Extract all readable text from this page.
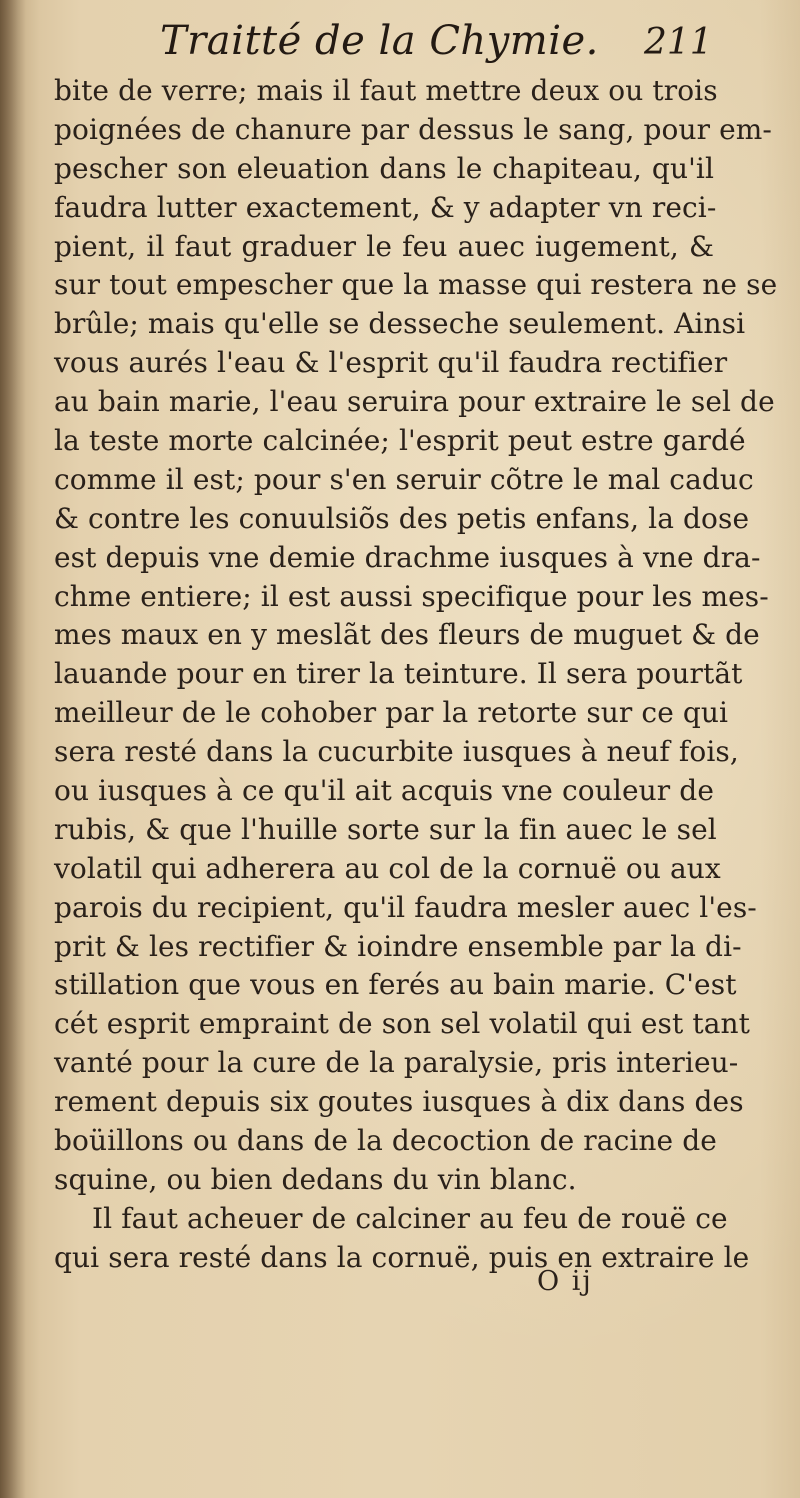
Traitté de la Chymie. 211
bite de verre; mais il faut mettre deux ou trois
poignées de chanure par dessus le sang, pour em-
pescher son eleuation dans le chapiteau, qu'il
faudra lutter exactement, & y adapter vn reci-
pient, il faut graduer le feu auec iugement, &
sur tout empescher que la masse qui restera ne se
brûle; mais qu'elle se desseche seulement. Ainsi
vous aurés l'eau & l'esprit qu'il faudra rectifier
au bain marie, l'eau seruira pour extraire le sel de
la teste morte calcinée; l'esprit peut estre gardé
comme il est; pour s'en seruir cõtre le mal caduc
& contre les conuulsiõs des petis enfans, la dose
est depuis vne demie drachme iusques à vne dra-
chme entiere; il est aussi specifique pour les mes-
mes maux en y meslãt des fleurs de muguet & de
lauande pour en tirer la teinture. Il sera pourtãt
meilleur de le cohober par la retorte sur ce qui
sera resté dans la cucurbite iusques à neuf fois,
ou iusques à ce qu'il ait acquis vne couleur de
rubis, & que l'huille sorte sur la fin auec le sel
volatil qui adherera au col de la cornuë ou aux
parois du recipient, qu'il faudra mesler auec l'es-
prit & les rectifier & ioindre ensemble par la di-
stillation que vous en ferés au bain marie. C'est
cét esprit empraint de son sel volatil qui est tant
vanté pour la cure de la paralysie, pris interieu-
rement depuis six goutes iusques à dix dans des
boüillons ou dans de la decoction de racine de
squine, ou bien dedans du vin blanc.
Il faut acheuer de calciner au feu de rouë ce
qui sera resté dans la cornuë, puis en extraire le
O ij
